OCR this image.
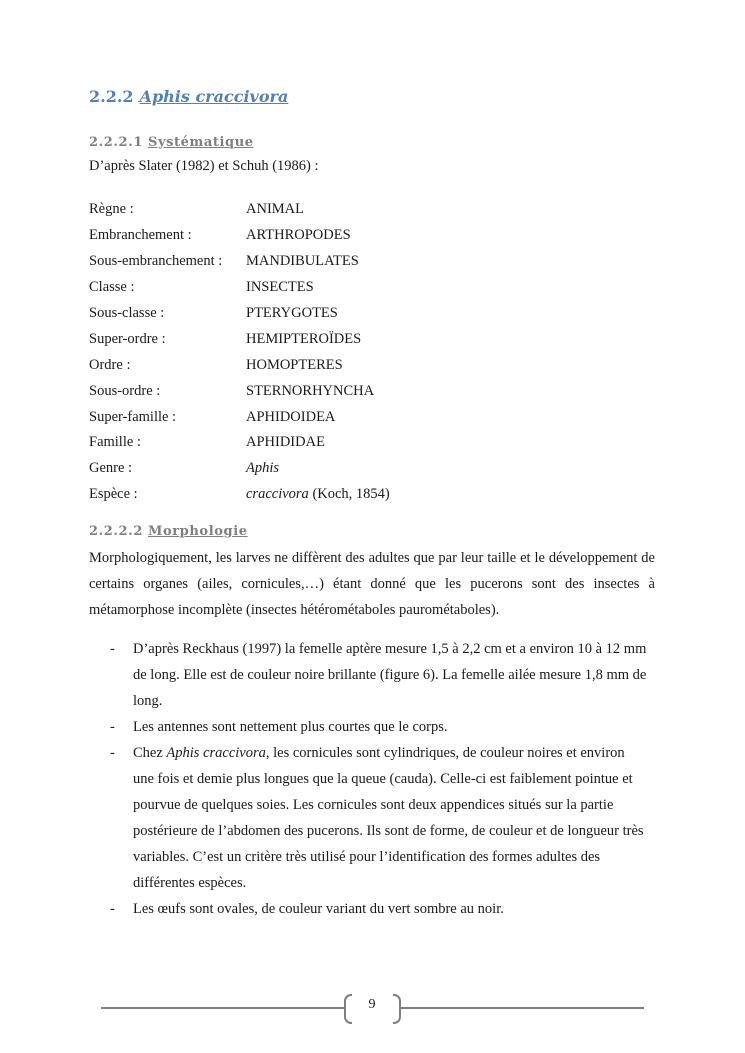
2.2.2 Aphis craccivora
2.2.2.1 Systématique
D’après Slater (1982) et Schuh (1986) :
Règne :	ANIMAL
Embranchement :	ARTHROPODES
Sous-embranchement :	MANDIBULATES
Classe :	INSECTES
Sous-classe :	PTERYGOTES
Super-ordre :	HEMIPTEROÏDES
Ordre :	HOMOPTERES
Sous-ordre :	STERNORHYNCHA
Super-famille :	APHIDOIDEA
Famille :	APHIDIDAE
Genre :	Aphis
Espèce :	craccivora (Koch, 1854)
2.2.2.2 Morphologie
Morphologiquement, les larves ne diffèrent des adultes que par leur taille et le développement de certains organes (ailes, cornicules,…) étant donné que les pucerons sont des insectes à métamorphose incomplète (insectes hétérométaboles paurométaboles).
- D’après Reckhaus (1997) la femelle aptère mesure 1,5 à 2,2 cm et a environ 10 à 12 mm de long. Elle est de couleur noire brillante (figure 6). La femelle ailée mesure 1,8 mm de long.
- Les antennes sont nettement plus courtes que le corps.
- Chez Aphis craccivora, les cornicules sont cylindriques, de couleur noires et environ une fois et demie plus longues que la queue (cauda). Celle-ci est faiblement pointue et pourvue de quelques soies. Les cornicules sont deux appendices situés sur la partie postérieure de l’abdomen des pucerons. Ils sont de forme, de couleur et de longueur très variables. C’est un critère très utilisé pour l’identification des formes adultes des différentes espèces.
- Les œufs sont ovales, de couleur variant du vert sombre au noir.
9
